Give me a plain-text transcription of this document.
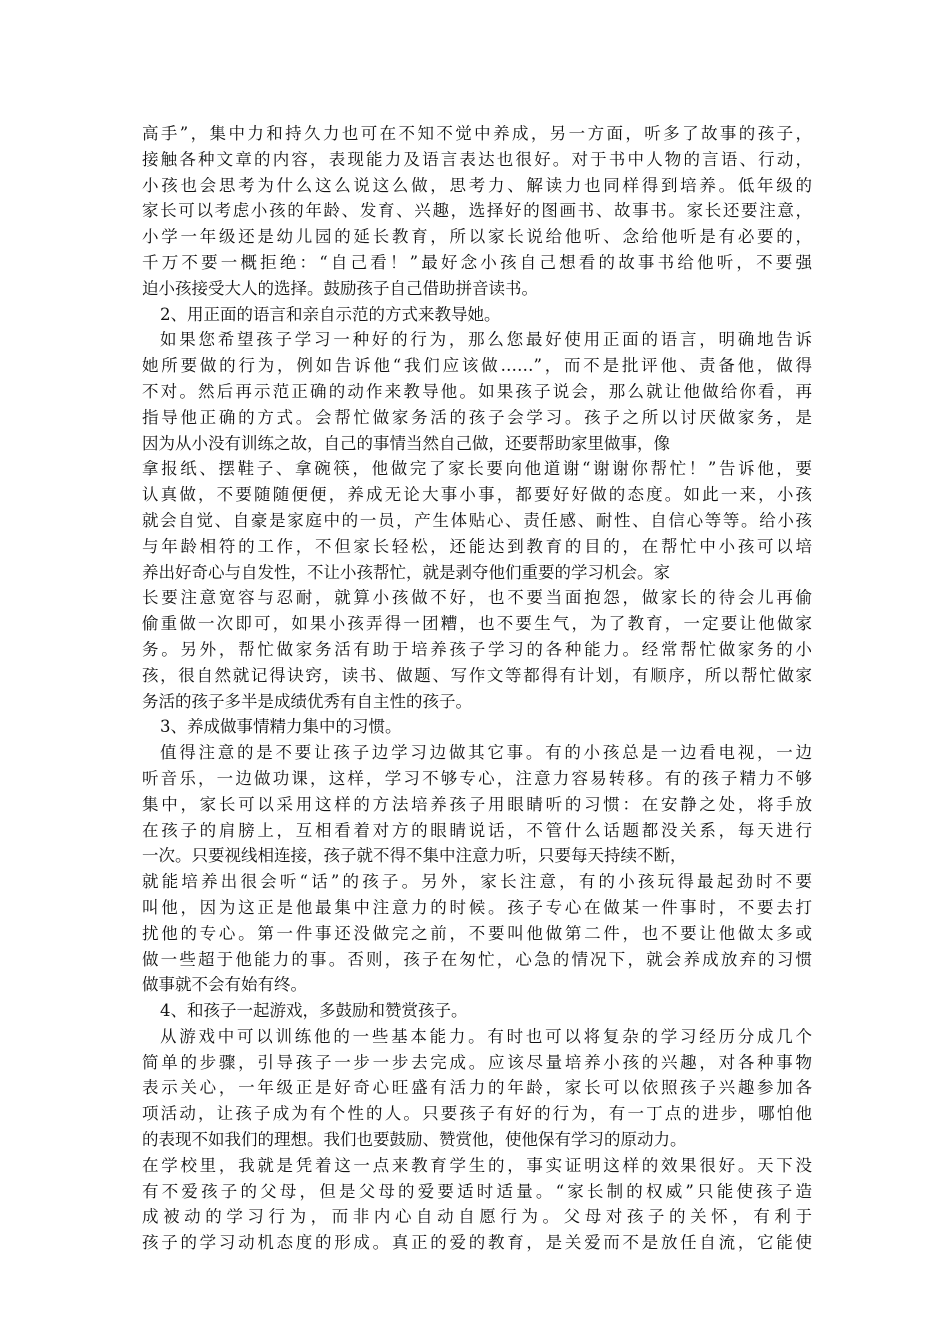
高手”，集中力和持久力也可在不知不觉中养成，另一方面，听多了故事的孩子，
接触各种文章的内容，表现能力及语言表达也很好。对于书中人物的言语、行动，
小孩也会思考为什么这么说这么做，思考力、解读力也同样得到培养。低年级的
家长可以考虑小孩的年龄、发育、兴趣，选择好的图画书、故事书。家长还要注意，
小学一年级还是幼儿园的延长教育，所以家长说给他听、念给他听是有必要的，
千万不要一概拒绝：“自己看！”最好念小孩自己想看的故事书给他听，不要强
迫小孩接受大人的选择。鼓励孩子自己借助拼音读书。
2、用正面的语言和亲自示范的方式来教导她。
如果您希望孩子学习一种好的行为，那么您最好使用正面的语言，明确地告诉
她所要做的行为，例如告诉他“我们应该做……”，而不是批评他、责备他，做得
不对。然后再示范正确的动作来教导他。如果孩子说会，那么就让他做给你看，再
指导他正确的方式。会帮忙做家务活的孩子会学习。孩子之所以讨厌做家务，是
因为从小没有训练之故，自己的事情当然自己做，还要帮助家里做事，像
拿报纸、摆鞋子、拿碗筷，他做完了家长要向他道谢“谢谢你帮忙！”告诉他，要
认真做，不要随随便便，养成无论大事小事，都要好好做的态度。如此一来，小孩
就会自觉、自豪是家庭中的一员，产生体贴心、责任感、耐性、自信心等等。给小孩
与年龄相符的工作，不但家长轻松，还能达到教育的目的，在帮忙中小孩可以培
养出好奇心与自发性，不让小孩帮忙，就是剥夺他们重要的学习机会。家
长要注意宽容与忍耐，就算小孩做不好，也不要当面抱怨，做家长的待会儿再偷
偷重做一次即可，如果小孩弄得一团糟，也不要生气，为了教育，一定要让他做家
务。另外，帮忙做家务活有助于培养孩子学习的各种能力。经常帮忙做家务的小
孩，很自然就记得诀窍，读书、做题、写作文等都得有计划，有顺序，所以帮忙做家
务活的孩子多半是成绩优秀有自主性的孩子。
3、养成做事情精力集中的习惯。
值得注意的是不要让孩子边学习边做其它事。有的小孩总是一边看电视，一边
听音乐，一边做功课，这样，学习不够专心，注意力容易转移。有的孩子精力不够
集中，家长可以采用这样的方法培养孩子用眼睛听的习惯：在安静之处，将手放
在孩子的肩膀上，互相看着对方的眼睛说话，不管什么话题都没关系，每天进行
一次。只要视线相连接，孩子就不得不集中注意力听，只要每天持续不断，
就能培养出很会听“话”的孩子。另外，家长注意，有的小孩玩得最起劲时不要
叫他，因为这正是他最集中注意力的时候。孩子专心在做某一件事时，不要去打
扰他的专心。第一件事还没做完之前，不要叫他做第二件，也不要让他做太多或
做一些超于他能力的事。否则，孩子在匆忙，心急的情况下，就会养成放弃的习惯
做事就不会有始有终。
4、和孩子一起游戏，多鼓励和赞赏孩子。
从游戏中可以训练他的一些基本能力。有时也可以将复杂的学习经历分成几个
简单的步骤，引导孩子一步一步去完成。应该尽量培养小孩的兴趣，对各种事物
表示关心，一年级正是好奇心旺盛有活力的年龄，家长可以依照孩子兴趣参加各
项活动，让孩子成为有个性的人。只要孩子有好的行为，有一丁点的进步，哪怕他
的表现不如我们的理想。我们也要鼓励、赞赏他，使他保有学习的原动力。
在学校里，我就是凭着这一点来教育学生的，事实证明这样的效果很好。天下没
有不爱孩子的父母，但是父母的爱要适时适量。“家长制的权威”只能使孩子造
成被动的学习行为，而非内心自动自愿行为。父母对孩子的关怀，有利于
孩子的学习动机态度的形成。真正的爱的教育，是关爱而不是放任自流，它能使
